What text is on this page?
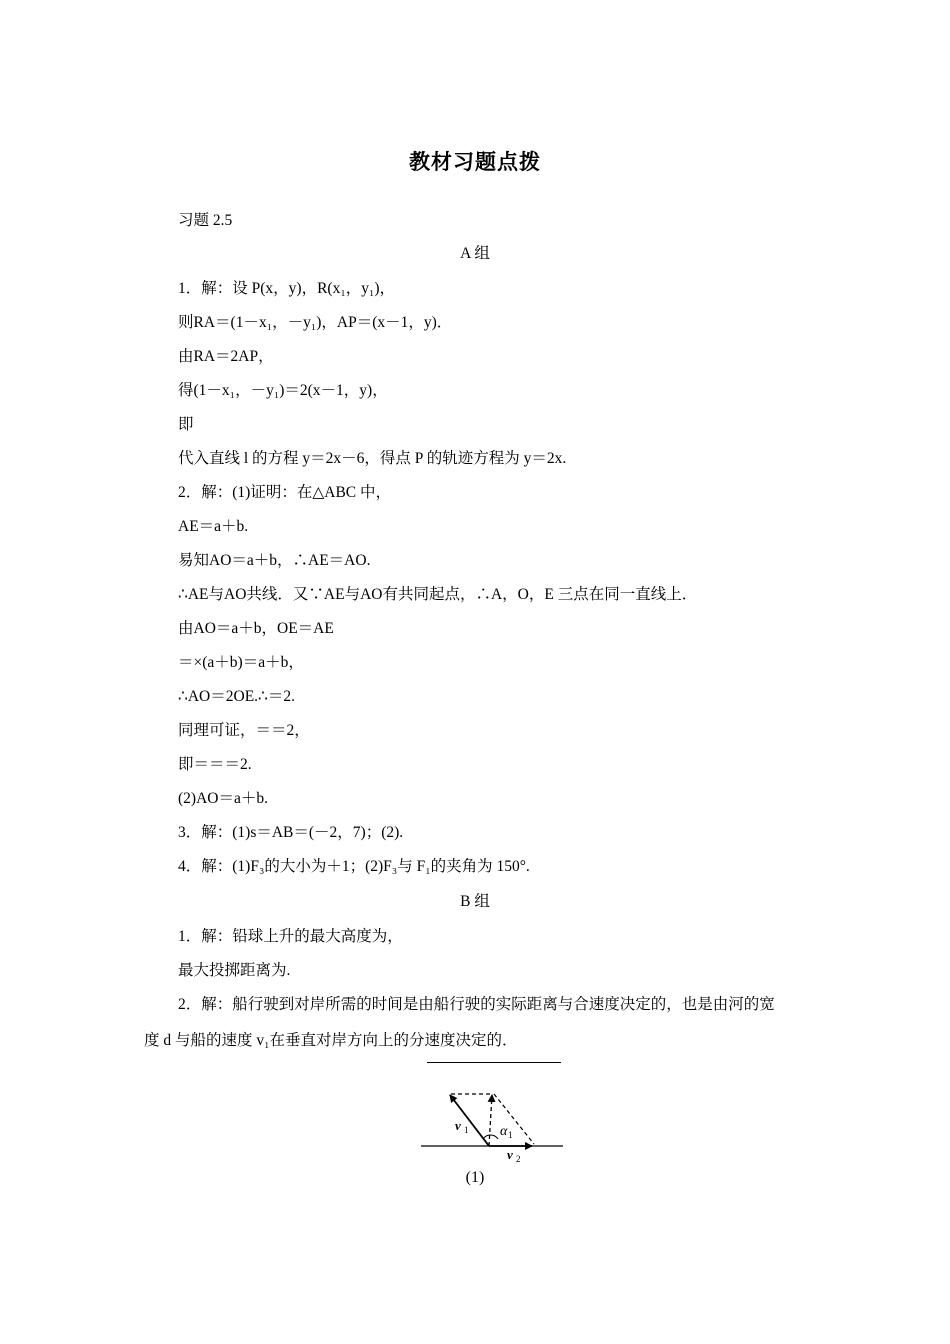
教材习题点拨
习题 2.5
A 组
1．解：设 P(x，y)，R(x₁，y₁)，
则RA＝(1－x₁，－y₁)，AP＝(x－1，y)．
由RA＝2AP，
得(1－x₁，－y₁)＝2(x－1，y)，
即
代入直线 l 的方程 y＝2x－6，得点 P 的轨迹方程为 y＝2x.
2．解：(1)证明：在△ABC 中，
AE＝a＋b.
易知AO＝a＋b，∴AE＝AO.
∴AE与AO共线．又∵AE与AO有共同起点，∴A，O，E 三点在同一直线上．
由AO＝a＋b，OE＝AE
＝×(a＋b)＝a＋b，
∴AO＝2OE.∴＝2.
同理可证，＝＝2，
即＝＝＝2.
(2)AO＝a＋b.
3．解：(1)s＝AB＝(－2，7)；(2).
4．解：(1)F₃的大小为＋1；(2)F₃与 F₁的夹角为 150°.
B 组
1．解：铅球上升的最大高度为，
最大投掷距离为.
2．解：船行驶到对岸所需的时间是由船行驶的实际距离与合速度决定的，也是由河的宽
度 d 与船的速度 v₁在垂直对岸方向上的分速度决定的．
v 1 α 1
v 2
(1)
